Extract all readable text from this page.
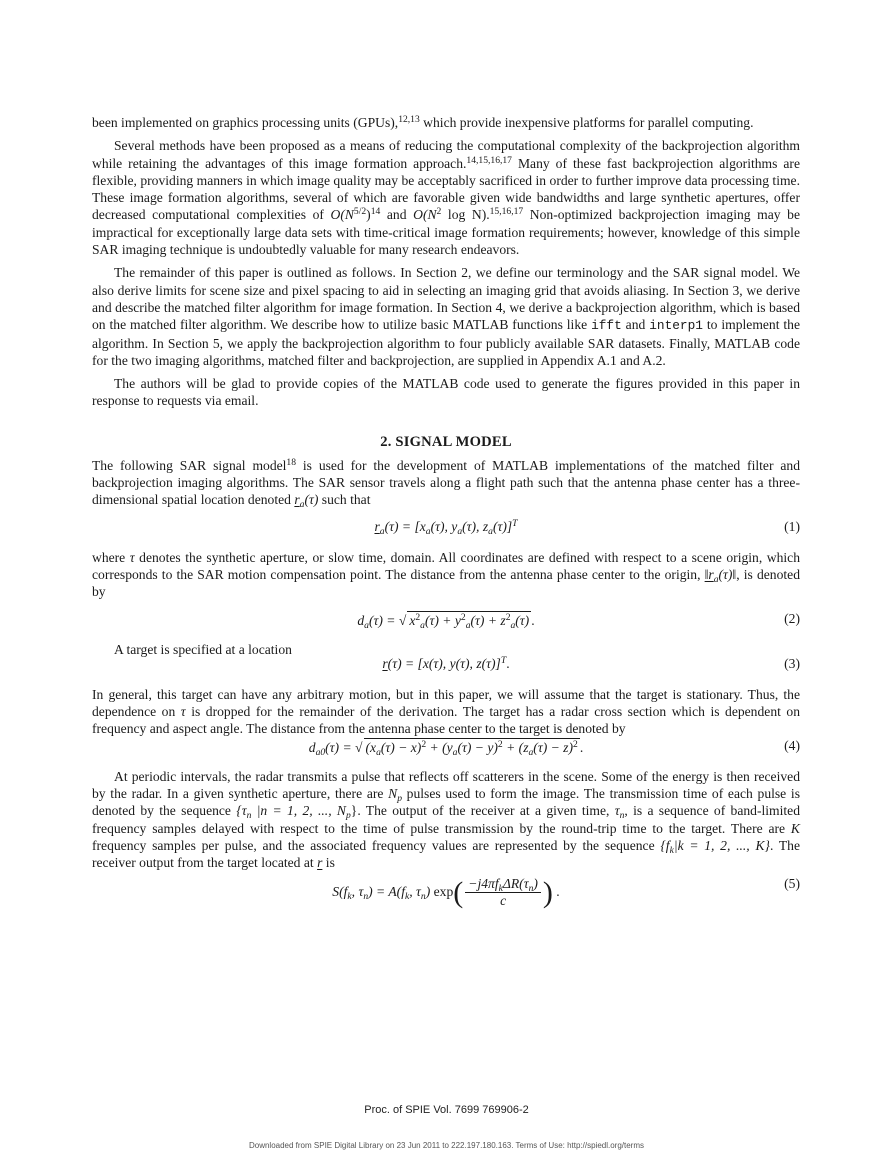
been implemented on graphics processing units (GPUs),$^{12,13}$ which provide inexpensive platforms for parallel computing.

Several methods have been proposed as a means of reducing the computational complexity of the backprojection algorithm while retaining the advantages of this image formation approach.$^{14,15,16,17}$ Many of these fast backprojection algorithms are flexible, providing manners in which image quality may be acceptably sacrificed in order to further improve data processing time. These image formation algorithms, several of which are favorable given wide bandwidths and large synthetic apertures, offer decreased computational complexities of $O(N^{5/2})^{14}$ and $O(N^2$ log N).$^{15,16,17}$ Non-optimized backprojection imaging may be impractical for exceptionally large data sets with time-critical image formation requirements; however, knowledge of this simple SAR imaging technique is undoubtedly valuable for many research endeavors.

The remainder of this paper is outlined as follows. In Section 2, we define our terminology and the SAR signal model. We also derive limits for scene size and pixel spacing to aid in selecting an imaging grid that avoids aliasing. In Section 3, we derive and describe the matched filter algorithm for image formation. In Section 4, we derive a backprojection algorithm, which is based on the matched filter algorithm. We describe how to utilize basic MATLAB functions like ifft and interp1 to implement the algorithm. In Section 5, we apply the backprojection algorithm to four publicly available SAR datasets. Finally, MATLAB code for the two imaging algorithms, matched filter and backprojection, are supplied in Appendix A.1 and A.2.

The authors will be glad to provide copies of the MATLAB code used to generate the figures provided in this paper in response to requests via email.

2. SIGNAL MODEL

The following SAR signal model$^{18}$ is used for the development of MATLAB implementations of the matched filter and backprojection imaging algorithms. The SAR sensor travels along a flight path such that the antenna phase center has a three-dimensional spatial location denoted $r_a(\tau)$ such that

$r_a(\tau) = [x_a(\tau)$, $y_a(\tau)$, $z_a(\tau)]^T$	(1)

where τ denotes the synthetic aperture, or slow time, domain. All coordinates are defined with respect to a scene origin, which corresponds to the SAR motion compensation point. The distance from the antenna phase center to the origin, $‖r_a(\tau)‖$, is denoted by

$d_a(\tau)$ = √ $x^2_a(\tau) + y^2_a(\tau) + z^2_a(\tau)$ .	(2)

A target is specified at a location

r(τ) = [x(τ), y(τ), z(τ)]$^T$.	(3)

In general, this target can have any arbitrary motion, but in this paper, we will assume that the target is stationary. Thus, the dependence on τ is dropped for the remainder of the derivation. The target has a radar cross section which is dependent on frequency and aspect angle. The distance from the antenna phase center to the target is denoted by

$d_{a0}(\tau)$ = √ $(x_a(\tau) - x)^2 + (y_a(\tau) - y)^2 + (z_a(\tau) - z)^2$ .	(4)

At periodic intervals, the radar transmits a pulse that reflects off scatterers in the scene. Some of the energy is then received by the radar. In a given synthetic aperture, there are $N_p$ pulses used to form the image. The transmission time of each pulse is denoted by the sequence {$\tau_n$ |n = 1, 2, ..., $N_p$}. The output of the receiver at a given time, $\tau_n$, is a sequence of band-limited frequency samples delayed with respect to the time of pulse transmission by the round-trip time to the target. There are K frequency samples per pulse, and the associated frequency values are represented by the sequence {$f_k|k = 1$, 2, ..., K}. The receiver output from the target located at r is

$S(f_k$, $\tau_n) = A(f_k$, $\tau_n$) $\exp( \frac{-j4\pi f_k\Delta R(\tau_n)}{c}$ ) .
(5)
Proc. of SPIE Vol. 7699 769906-2
Downloaded from SPIE Digital Library on 23 Jun 2011 to 222.197.180.163. Terms of Use: http://spiedl.org/terms
